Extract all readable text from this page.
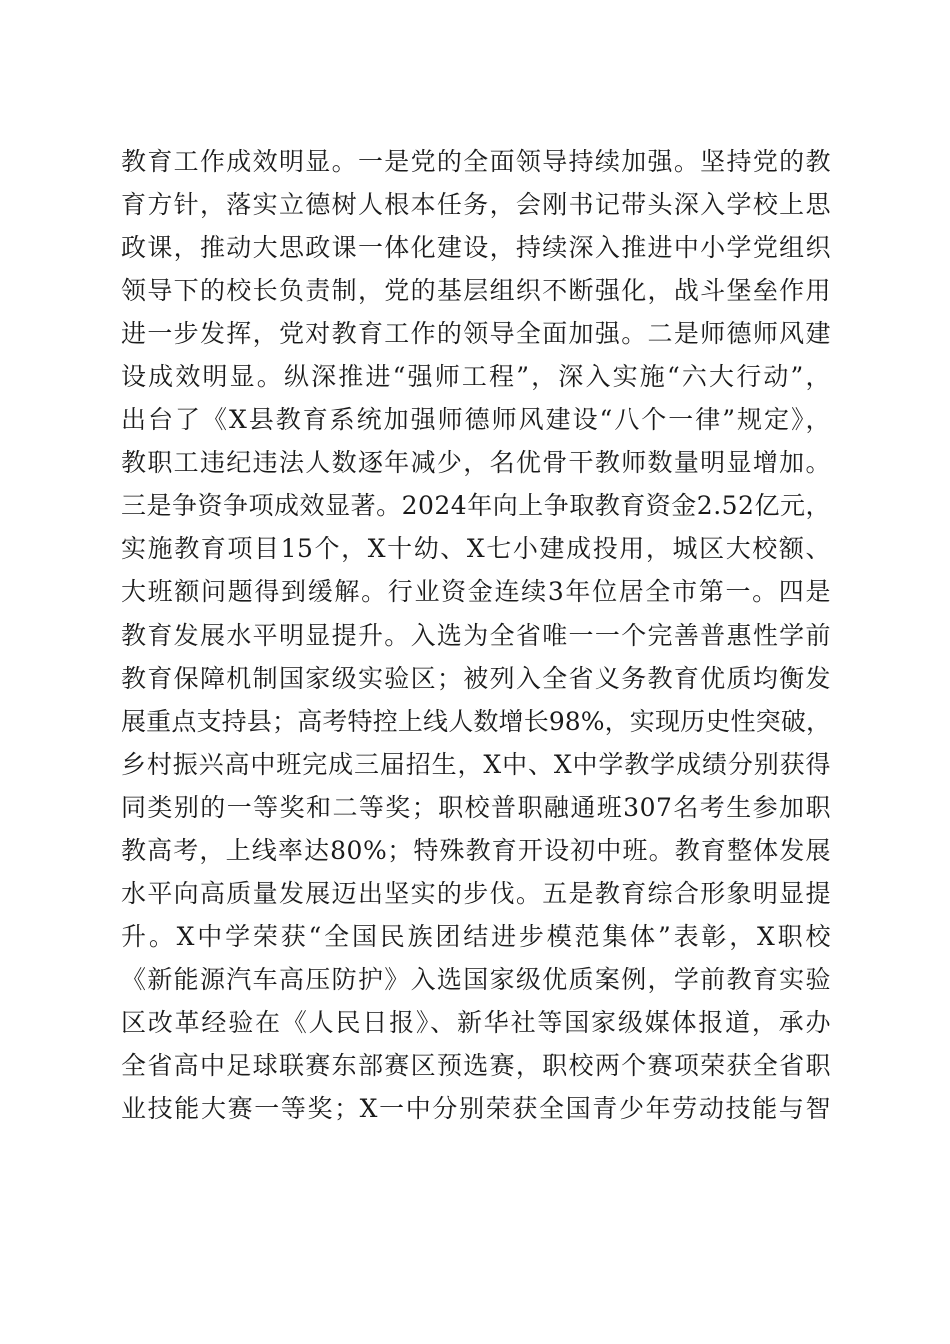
教育工作成效明显。一是党的全面领导持续加强。坚持党的教
育方针，落实立德树人根本任务，会刚书记带头深入学校上思
政课，推动大思政课一体化建设，持续深入推进中小学党组织
领导下的校长负责制，党的基层组织不断强化，战斗堡垒作用
进一步发挥，党对教育工作的领导全面加强。二是师德师风建
设成效明显。纵深推进“强师工程”，深入实施“六大行动”，
出台了《X县教育系统加强师德师风建设“八个一律”规定》，
教职工违纪违法人数逐年减少，名优骨干教师数量明显增加。
三是争资争项成效显著。2024年向上争取教育资金2.52亿元，
实施教育项目15个，X十幼、X七小建成投用，城区大校额、
大班额问题得到缓解。行业资金连续3年位居全市第一。四是
教育发展水平明显提升。入选为全省唯一一个完善普惠性学前
教育保障机制国家级实验区；被列入全省义务教育优质均衡发
展重点支持县；高考特控上线人数增长98%，实现历史性突破，
乡村振兴高中班完成三届招生，X中、X中学教学成绩分别获得
同类别的一等奖和二等奖；职校普职融通班307名考生参加职
教高考，上线率达80%；特殊教育开设初中班。教育整体发展
水平向高质量发展迈出坚实的步伐。五是教育综合形象明显提
升。X中学荣获“全国民族团结进步模范集体”表彰，X职校
《新能源汽车高压防护》入选国家级优质案例，学前教育实验
区改革经验在《人民日报》、新华社等国家级媒体报道，承办
全省高中足球联赛东部赛区预选赛，职校两个赛项荣获全省职
业技能大赛一等奖；X一中分别荣获全国青少年劳动技能与智
